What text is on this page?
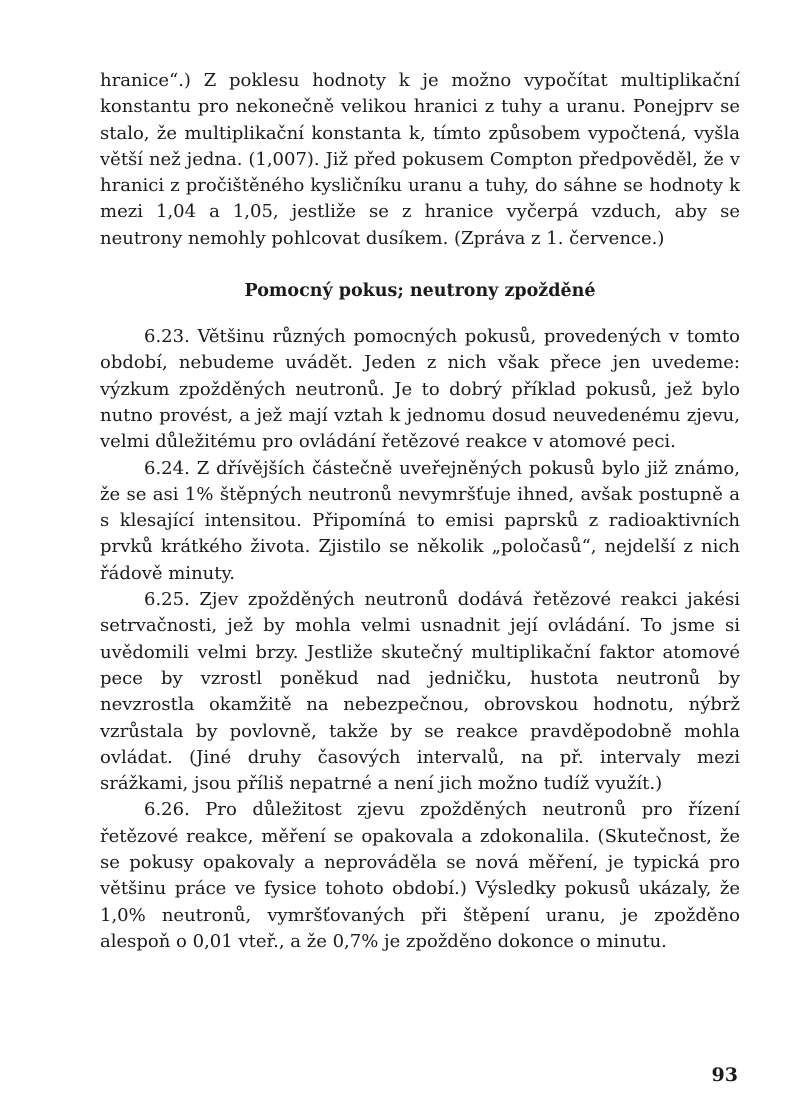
hranice“.) Z poklesu hodnoty k je možno vypočítat multiplikační konstantu pro nekonečně velikou hranici z tuhy a uranu. Ponejprv se stalo, že multiplikační konstanta k, tímto způsobem vypočtená, vyšla větší než jedna. (1,007). Již před pokusem Compton předpověděl, že v hranici z pročištěného kysličníku uranu a tuhy, do sáhne se hodnoty k mezi 1,04 a 1,05, jestliže se z hranice vyčerpá vzduch, aby se neutrony nemohly pohlcovat dusíkem. (Zpráva z 1. července.)

Pomocný pokus; neutrony zpožděné

6.23. Většinu různých pomocných pokusů, provedených v tomto období, nebudeme uvádět. Jeden z nich však přece jen uvedeme: výzkum zpožděných neutronů. Je to dobrý příklad pokusů, jež bylo nutno provést, a jež mají vztah k jednomu dosud neuvedenému zjevu, velmi důležitému pro ovládání řetězové reakce v atomové peci.

6.24. Z dřívějších částečně uveřejněných pokusů bylo již známo, že se asi 1% štěpných neutronů nevymršťuje ihned, avšak postupně a s klesající intensitou. Připomíná to emisi paprsků z radioaktivních prvků krátkého života. Zjistilo se několik „poločasů“, nejdelší z nich řádově minuty.

6.25. Zjev zpožděných neutronů dodává řetězové reakci jakési setrvačnosti, jež by mohla velmi usnadnit její ovládání. To jsme si uvědomili velmi brzy. Jestliže skutečný multiplikační faktor atomové pece by vzrostl poněkud nad jedničku, hustota neutronů by nevzrostla okamžitě na nebezpečnou, obrovskou hodnotu, nýbrž vzrůstala by povlovně, takže by se reakce pravděpodobně mohla ovládat. (Jiné druhy časových intervalů, na př. intervaly mezi srážkami, jsou příliš nepatrné a není jich možno tudíž využít.)

6.26. Pro důležitost zjevu zpožděných neutronů pro řízení řetězové reakce, měření se opakovala a zdokonalila. (Skutečnost, že se pokusy opakovaly a neprováděla se nová měření, je typická pro většinu práce ve fysice tohoto období.) Výsledky pokusů ukázaly, že 1,0% neutronů, vymršťovaných při štěpení uranu, je zpožděno alespoň o 0,01 vteř., a že 0,7% je zpožděno dokonce o minutu.

93
